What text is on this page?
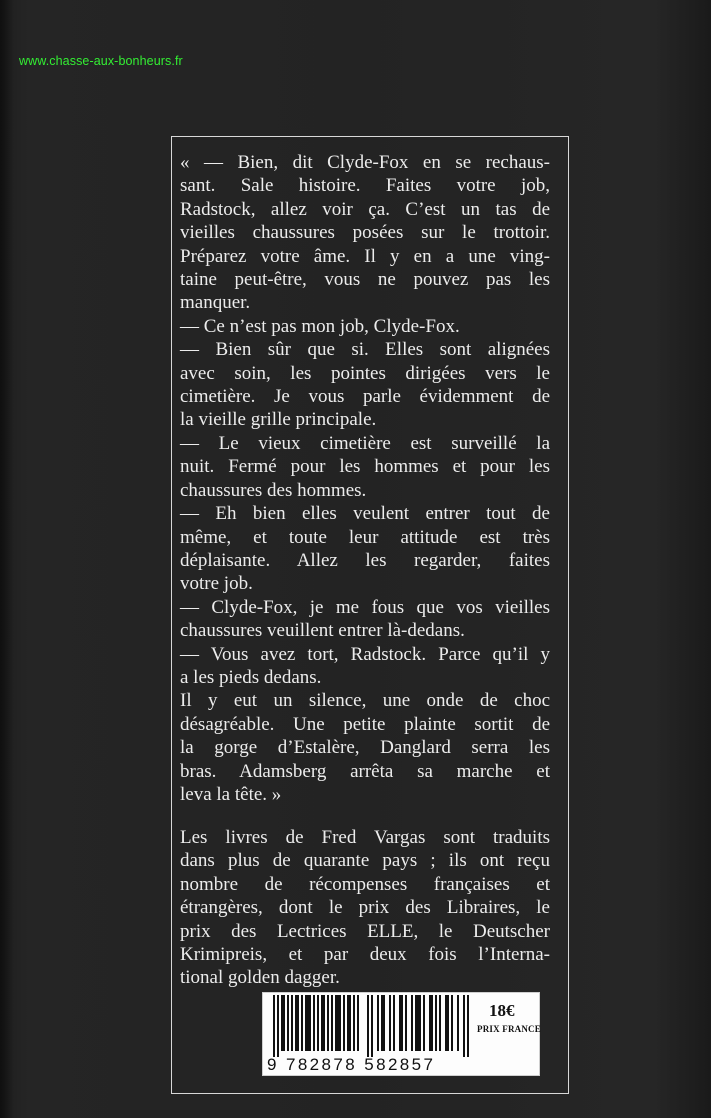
www.chasse-aux-bonheurs.fr
« — Bien, dit Clyde-Fox en se rechaus-
sant. Sale histoire. Faites votre job,
Radstock, allez voir ça. C’est un tas de
vieilles chaussures posées sur le trottoir.
Préparez votre âme. Il y en a une ving-
taine peut-être, vous ne pouvez pas les
manquer.
— Ce n’est pas mon job, Clyde-Fox.
— Bien sûr que si. Elles sont alignées
avec soin, les pointes dirigées vers le
cimetière. Je vous parle évidemment de
la vieille grille principale.
— Le vieux cimetière est surveillé la
nuit. Fermé pour les hommes et pour les
chaussures des hommes.
— Eh bien elles veulent entrer tout de
même, et toute leur attitude est très
déplaisante. Allez les regarder, faites
votre job.
— Clyde-Fox, je me fous que vos vieilles
chaussures veuillent entrer là-dedans.
— Vous avez tort, Radstock. Parce qu’il y
a les pieds dedans.
Il y eut un silence, une onde de choc
désagréable. Une petite plainte sortit de
la gorge d’Estalère, Danglard serra les
bras. Adamsberg arrêta sa marche et
leva la tête. »
Les livres de Fred Vargas sont traduits
dans plus de quarante pays ; ils ont reçu
nombre de récompenses françaises et
étrangères, dont le prix des Libraires, le
prix des Lectrices ELLE, le Deutscher
Krimipreis, et par deux fois l’Interna-
tional golden dagger.
9 782878 582857
18€
PRIX FRANCE
